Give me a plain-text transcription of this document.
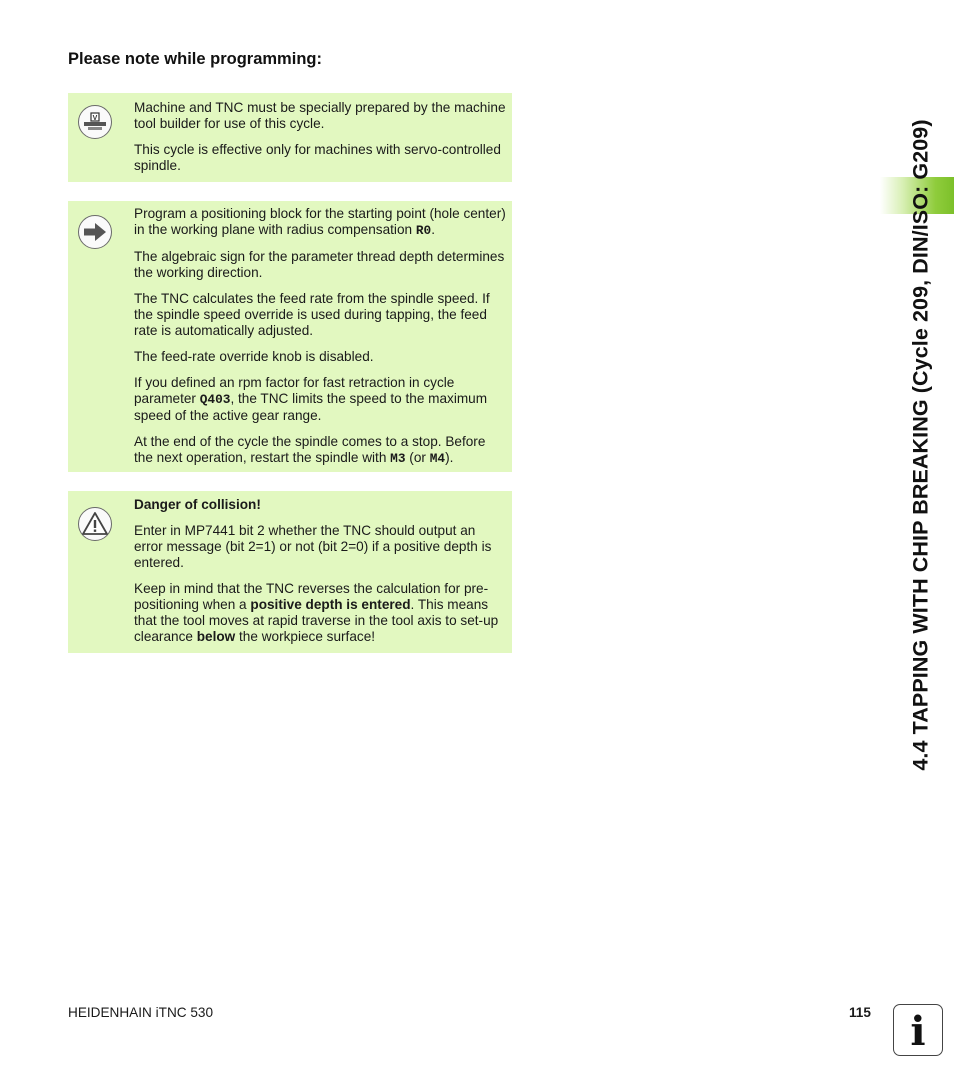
Please note while programming:
V

Machine and TNC must be specially prepared by the machine tool builder for use of this cycle.

This cycle is effective only for machines with servo-controlled spindle.

Program a positioning block for the starting point (hole center) in the working plane with radius compensation R0.

The algebraic sign for the parameter thread depth determines the working direction.

The TNC calculates the feed rate from the spindle speed. If the spindle speed override is used during tapping, the feed rate is automatically adjusted.

The feed-rate override knob is disabled.

If you defined an rpm factor for fast retraction in cycle parameter Q403, the TNC limits the speed to the maximum speed of the active gear range.

At the end of the cycle the spindle comes to a stop. Before the next operation, restart the spindle with M3 (or M4).

Danger of collision!

Enter in MP7441 bit 2 whether the TNC should output an error message (bit 2=1) or not (bit 2=0) if a positive depth is entered.

Keep in mind that the TNC reverses the calculation for pre-positioning when a positive depth is entered. This means that the tool moves at rapid traverse in the tool axis to set-up clearance below the workpiece surface!	4.4 TAPPING WITH CHIP BREAKING (Cycle 209, DIN/ISO: G209)
HEIDENHAIN iTNC 530	115 i
